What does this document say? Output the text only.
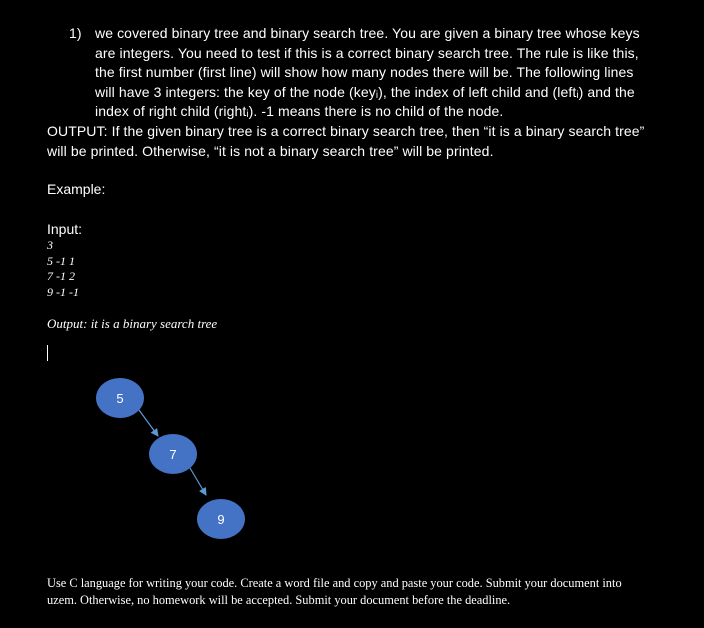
1) we covered binary tree and binary search tree. You are given a binary tree whose keys
are integers. You need to test if this is a correct binary search tree. The rule is like this,
the first number (first line) will show how many nodes there will be. The following lines
will have 3 integers: the key of the node (keyᵢ), the index of left child and (leftᵢ) and the
index of right child (rightᵢ). -1 means there is no child of the node.
OUTPUT: If the given binary tree is a correct binary search tree, then “it is a binary search tree”
will be printed. Otherwise, “it is not a binary search tree” will be printed.
Example:
Input:
3
5 -1 1
7 -1 2
9 -1 -1
Output: it is a binary search tree
5
7
9
Use C language for writing your code. Create a word file and copy and paste your code. Submit your document into
uzem. Otherwise, no homework will be accepted. Submit your document before the deadline.
